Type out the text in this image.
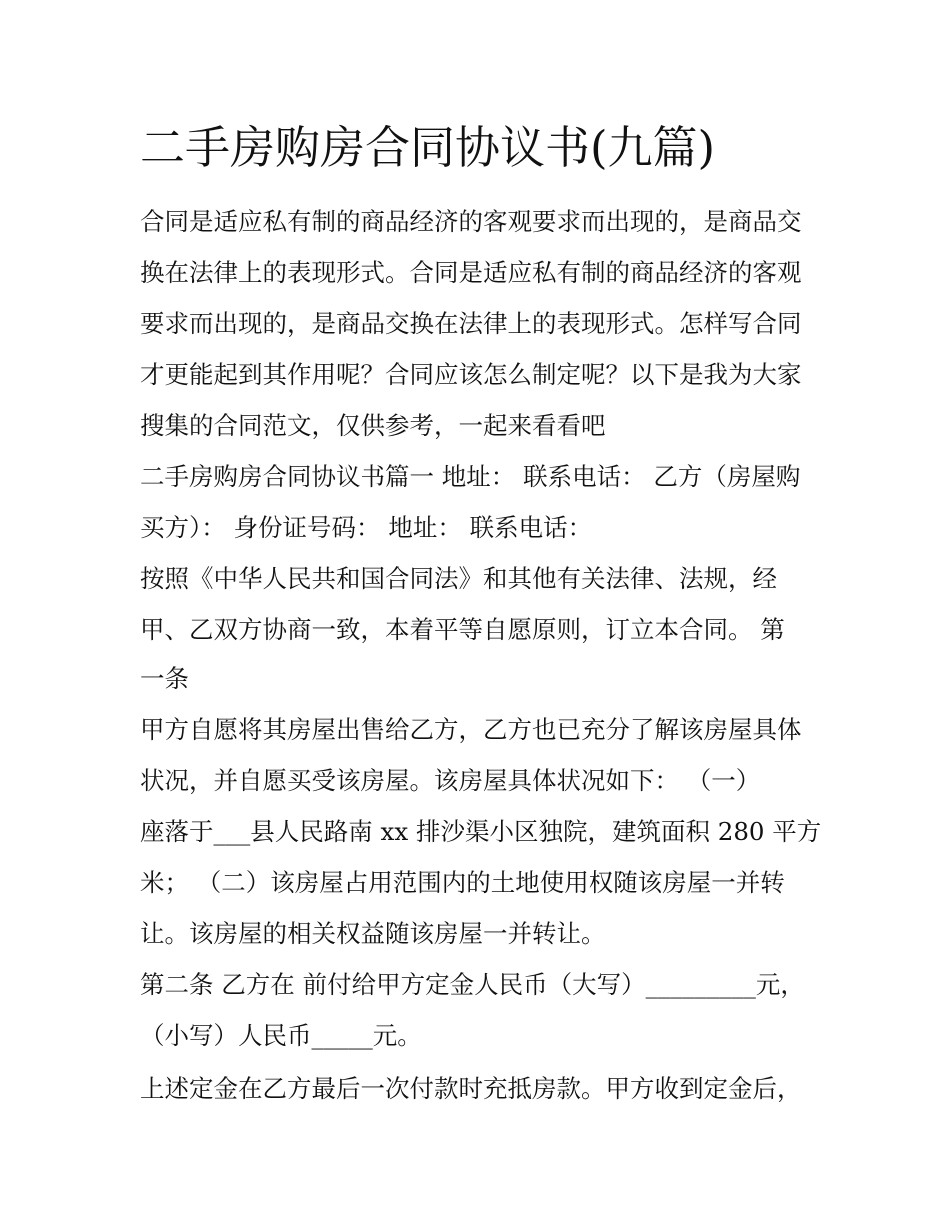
二手房购房合同协议书(九篇)

合同是适应私有制的商品经济的客观要求而出现的，是商品交

换在法律上的表现形式。合同是适应私有制的商品经济的客观

要求而出现的，是商品交换在法律上的表现形式。怎样写合同

才更能起到其作用呢？合同应该怎么制定呢？以下是我为大家

搜集的合同范文，仅供参考，一起来看看吧

二手房购房合同协议书篇一 地址： 联系电话： 乙方（房屋购

买方）： 身份证号码： 地址： 联系电话：

按照《中华人民共和国合同法》和其他有关法律、法规，经

甲、乙双方协商一致，本着平等自愿原则，订立本合同。 第

一条

甲方自愿将其房屋出售给乙方，乙方也已充分了解该房屋具体

状况，并自愿买受该房屋。该房屋具体状况如下： （一）

座落于___县人民路南 xx 排沙渠小区独院，建筑面积 280 平方

米； （二）该房屋占用范围内的土地使用权随该房屋一并转

让。该房屋的相关权益随该房屋一并转让。

第二条 乙方在 前付给甲方定金人民币（大写）_________元，

（小写）人民币_____元。

上述定金在乙方最后一次付款时充抵房款。甲方收到定金后，
